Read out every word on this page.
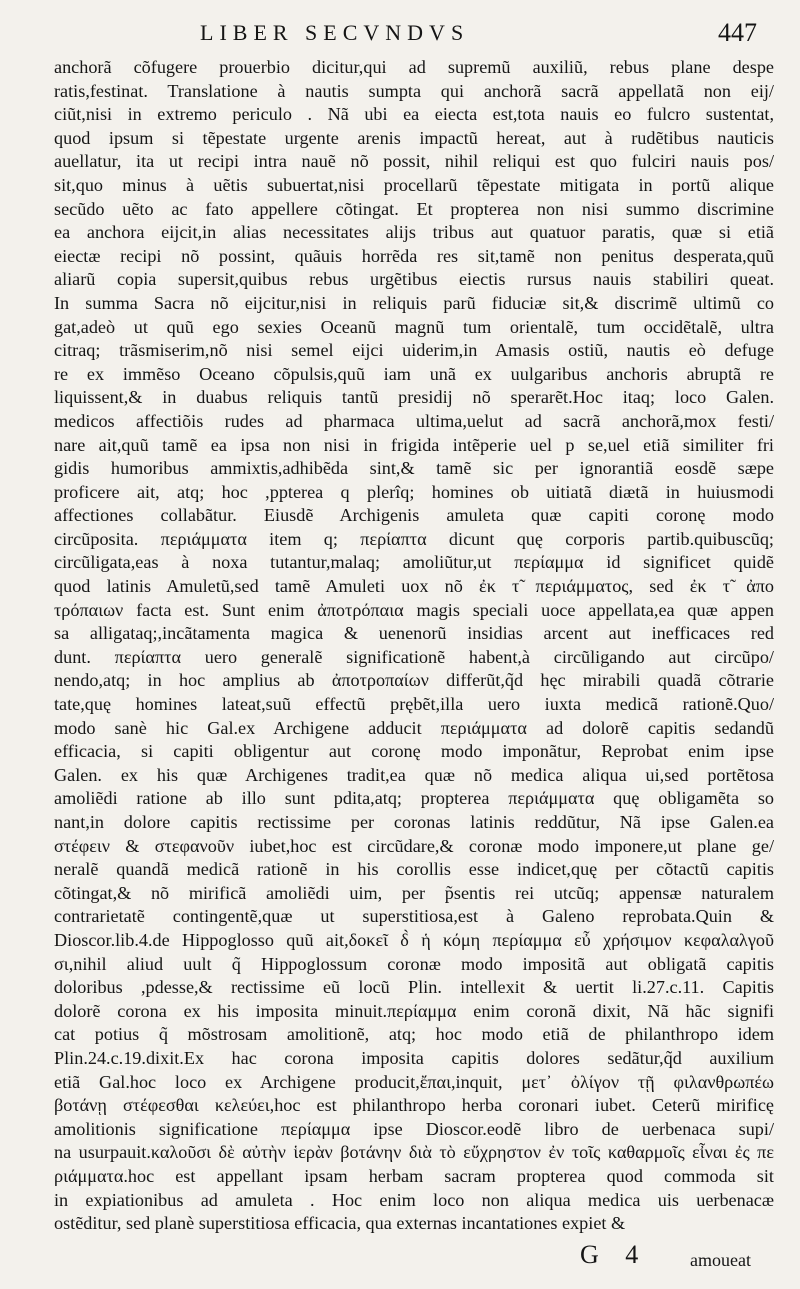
LIBER SECVNDVS	447
anchorã cõfugere prouerbio dicitur,qui ad supremũ auxiliũ, rebus plane despe
ratis,festinat. Translatione à nautis sumpta qui anchorã sacrã appellatã non eij/
ciũt,nisi in extremo periculo . Nã ubi ea eiecta est,tota nauis eo fulcro sustentat,
quod ipsum si tẽpestate urgente arenis impactũ hereat, aut à rudẽtibus nauticis
auellatur, ita ut recipi intra nauẽ nõ possit, nihil reliqui est quo fulciri nauis pos/
sit,quo minus à uẽtis subuertat,nisi procellarũ tẽpestate mitigata in portũ alique
secũdo uẽto ac fato appellere cõtingat. Et propterea non nisi summo discrimine
ea anchora eijcit,in alias necessitates alijs tribus aut quatuor paratis, quæ si etiã
eiectæ recipi nõ possint, quãuis horrẽda res sit,tamẽ non penitus desperata,quũ
aliarũ copia supersit,quibus rebus urgẽtibus eiectis rursus nauis stabiliri queat.
In summa Sacra nõ eijcitur,nisi in reliquis parũ fiduciæ sit,& discrimẽ ultimũ co
gat,adeò ut quũ ego sexies Oceanũ magnũ tum orientalẽ, tum occidẽtalẽ, ultra
citraq; trãsmiserim,nõ nisi semel eijci uiderim,in Amasis ostiũ, nautis eò defuge
re ex immẽso Oceano cõpulsis,quũ iam unã ex uulgaribus anchoris abruptã re
liquissent,& in duabus reliquis tantũ presidij nõ sperarẽt.Hoc itaq; loco Galen.
medicos affectiõis rudes ad pharmaca ultima,uelut ad sacrã anchorã,mox festi/
nare ait,quũ tamẽ ea ipsa non nisi in frigida intẽperie uel p se,uel etiã similiter fri
gidis humoribus ammixtis,adhibẽda sint,& tamẽ sic per ignorantiã eosdẽ sæpe
proficere ait, atq; hoc ,ppterea q plerîq; homines ob uitiatã diætã in huiusmodi
affectiones collabãtur. Eiusdẽ Archigenis amuleta quæ capiti coronę modo
circũposita. περιάμματα item q; περίαπτα dicunt quę corporis partib.quibuscũq;
circũligata,eas à noxa tutantur,malaq; amoliũtur,ut περίαμμα id significet quidẽ
quod latinis Amuletũ,sed tamẽ Amuleti uox nõ ἐκ τ̃ περιάμματος, sed ἐκ τ̃ ἀπο
τρόπαιων facta est. Sunt enim ἀποτρόπαια magis speciali uoce appellata,ea quæ appen
sa alligataq;,incãtamenta magica & uenenorũ insidias arcent aut inefficaces red
dunt. περίαπτα uero generalẽ significationẽ habent,à circũligando aut circũpo/
nendo,atq; in hoc amplius ab ἀποτροπαίων differũt,q̃d hęc mirabili quadã cõtrarie
tate,quę homines lateat,suũ effectũ prębẽt,illa uero iuxta medicã rationẽ.Quo/
modo sanè hic Gal.ex Archigene adducit περιάμματα ad dolorẽ capitis sedandũ
efficacia, si capiti obligentur aut coronę modo imponãtur, Reprobat enim ipse
Galen. ex his quæ Archigenes tradit,ea quæ nõ medica aliqua ui,sed portẽtosa
amoliẽdi ratione ab illo sunt pdita,atq; propterea περιάμματα quę obligamẽta so
nant,in dolore capitis rectissime per coronas latinis reddũtur, Nã ipse Galen.ea
στέφειν & στεφανοῦν iubet,hoc est circũdare,& coronæ modo imponere,ut plane ge/
neralẽ quandã medicã rationẽ in his corollis esse indicet,quę per cõtactũ capitis
cõtingat,& nõ mirificã amoliẽdi uim, per p̃sentis rei utcũq; appensæ naturalem
contrarietatẽ contingentẽ,quæ ut superstitiosa,est à Galeno reprobata.Quin &
Dioscor.lib.4.de Hippoglosso quũ ait,δοκεῖ δ̀ ἡ κόμη περίαμμα εὖ χρήσιμον κεφαλαλγοῦ
σι,nihil aliud uult q̃ Hippoglossum coronæ modo impositã aut obligatã capitis
doloribus ,pdesse,& rectissime eũ locũ Plin. intellexit & uertit li.27.c.11. Capitis
dolorẽ corona ex his imposita minuit.περίαμμα enim coronã dixit, Nã hãc signifi
cat potius q̃ mõstrosam amolitionẽ, atq; hoc modo etiã de philanthropo idem
Plin.24.c.19.dixit.Ex hac corona imposita capitis dolores sedãtur,q̃d auxilium
etiã Gal.hoc loco ex Archigene producit,ἔπαι,inquit, μετ᾿ ὀλίγον τῇ φιλανθρωπέω
βοτάνῃ στέφεσθαι κελεύει,hoc est philanthropo herba coronari iubet. Ceterũ mirificę
amolitionis significatione περίαμμα ipse Dioscor.eodẽ libro de uerbenaca supi/
na usurpauit.καλοῦσι δὲ αὐτὴν ἱερὰν βοτάνην διὰ τὸ εὔχρηστον ἐν τοῖς καθαρμοῖς εἶναι ἐς πε
ριάμματα.hoc est appellant ipsam herbam sacram propterea quod commoda sit
in expiationibus ad amuleta . Hoc enim loco non aliqua medica uis uerbenacæ
ostẽditur, sed planè superstitiosa efficacia, qua externas incantationes expiet &
G 4 amoueat
